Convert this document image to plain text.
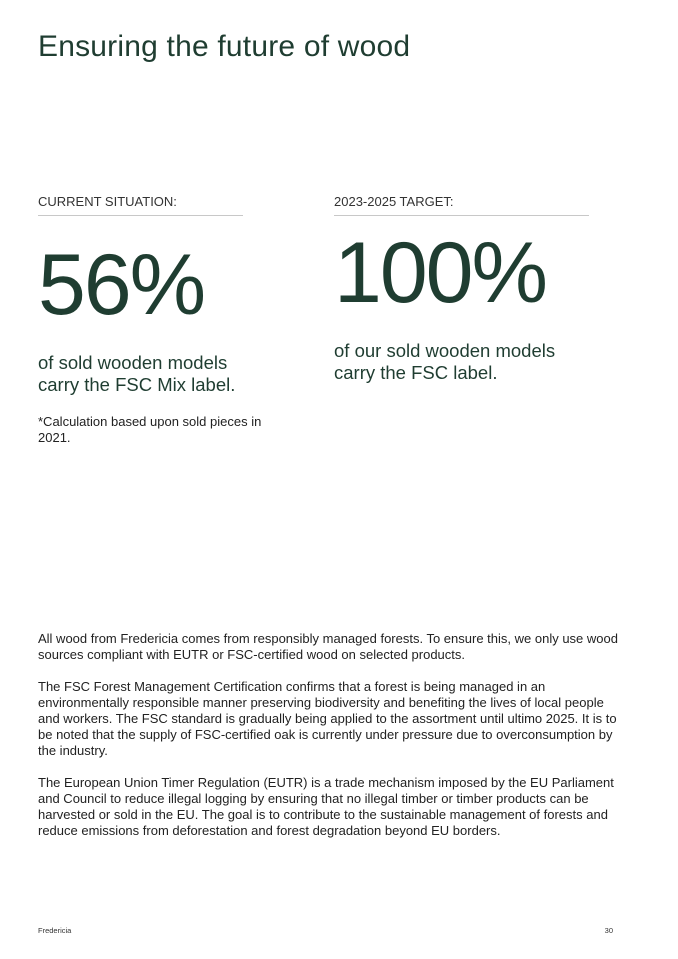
Ensuring the future of wood
CURRENT SITUATION:
56%
of sold wooden models carry the FSC Mix label.
*Calculation based upon sold pieces in 2021.
2023-2025 TARGET:
100%
of our sold wooden models carry the FSC label.

All wood from Fredericia comes from responsibly managed forests. To ensure this, we only use wood sources compliant with EUTR or FSC-certified wood on selected products.

The FSC Forest Management Certification confirms that a forest is being managed in an environmentally responsible manner preserving biodiversity and benefiting the lives of local people and workers. The FSC standard is gradually being applied to the assortment until ultimo 2025. It is to be noted that the supply of FSC-certified oak is currently under pressure due to overconsumption by the industry.

The European Union Timer Regulation (EUTR) is a trade mechanism imposed by the EU Parliament and Council to reduce illegal logging by ensuring that no illegal timber or timber products can be harvested or sold in the EU. The goal is to contribute to the sustainable management of forests and reduce emissions from deforestation and forest degradation beyond EU borders.

Fredericia	30
